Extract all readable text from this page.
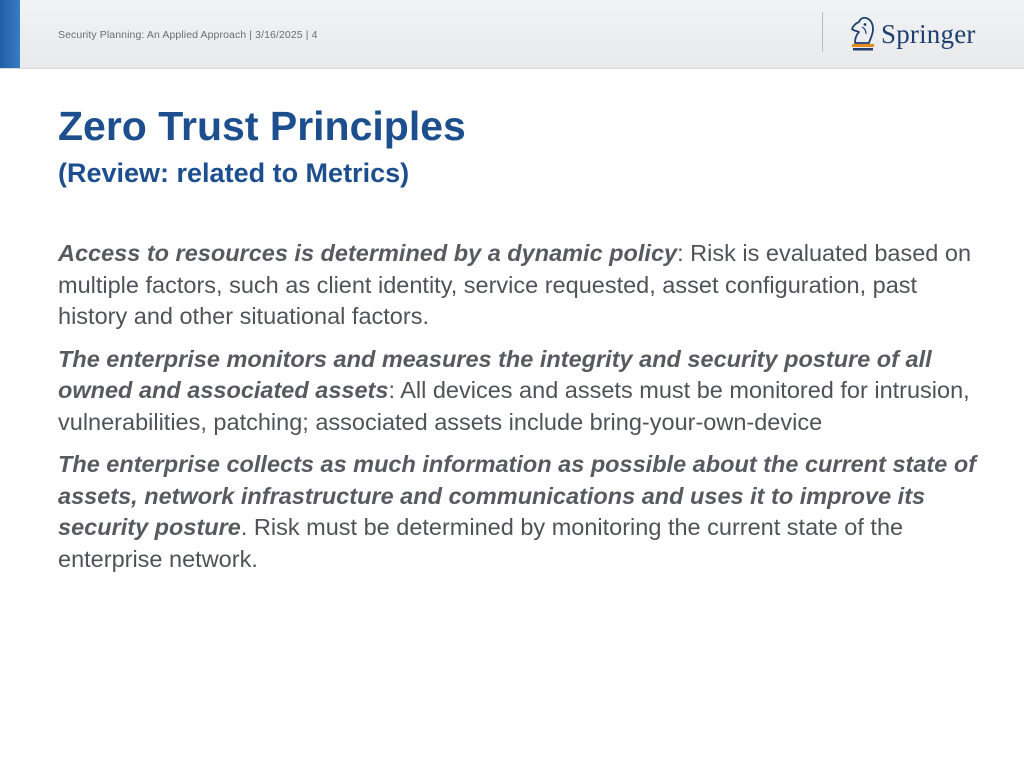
Security Planning: An Applied Approach | 3/16/2025 | 4	Springer
Zero Trust Principles
(Review: related to Metrics)

Access to resources is determined by a dynamic policy: Risk is evaluated based on multiple factors, such as client identity, service requested, asset configuration, past history and other situational factors.

The enterprise monitors and measures the integrity and security posture of all owned and associated assets: All devices and assets must be monitored for intrusion, vulnerabilities, patching; associated assets include bring-your-own-device

The enterprise collects as much information as possible about the current state of assets, network infrastructure and communications and uses it to improve its security posture. Risk must be determined by monitoring the current state of the enterprise network.
